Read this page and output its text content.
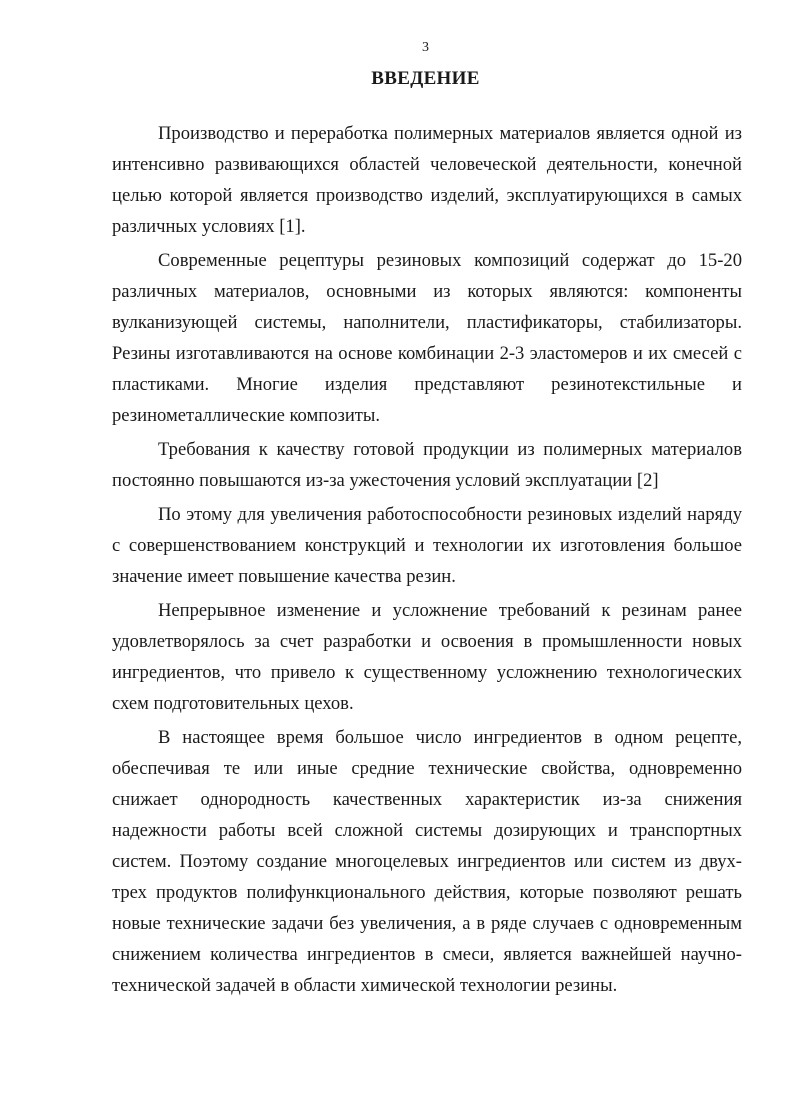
3
ВВЕДЕНИЕ

Производство и переработка полимерных материалов является одной из интенсивно развивающихся областей человеческой деятельности, конечной целью которой является производство изделий, эксплуатирующихся в самых различных условиях [1].

Современные рецептуры резиновых композиций содержат до 15-20 различных материалов, основными из которых являются: компоненты вулканизующей системы, наполнители, пластификаторы, стабилизаторы. Резины изготавливаются на основе комбинации 2-3 эластомеров и их смесей с пластиками. Многие изделия представляют резинотекстильные и резинометаллические композиты.

Требования к качеству готовой продукции из полимерных материалов постоянно повышаются из-за ужесточения условий эксплуатации [2]

По этому для увеличения работоспособности резиновых изделий наряду с совершенствованием конструкций и технологии их изготовления большое значение имеет повышение качества резин.

Непрерывное изменение и усложнение требований к резинам ранее удовлетворялось за счет разработки и освоения в промышленности новых ингредиентов, что привело к существенному усложнению технологических схем подготовительных цехов.

В настоящее время большое число ингредиентов в одном рецепте, обеспечивая те или иные средние технические свойства, одновременно снижает однородность качественных характеристик из-за снижения надежности работы всей сложной системы дозирующих и транспортных систем. Поэтому создание многоцелевых ингредиентов или систем из двух-трех продуктов полифункционального действия, которые позволяют решать новые технические задачи без увеличения, а в ряде случаев с одновременным снижением количества ингредиентов в смеси, является важнейшей научно-технической задачей в области химической технологии резины.
